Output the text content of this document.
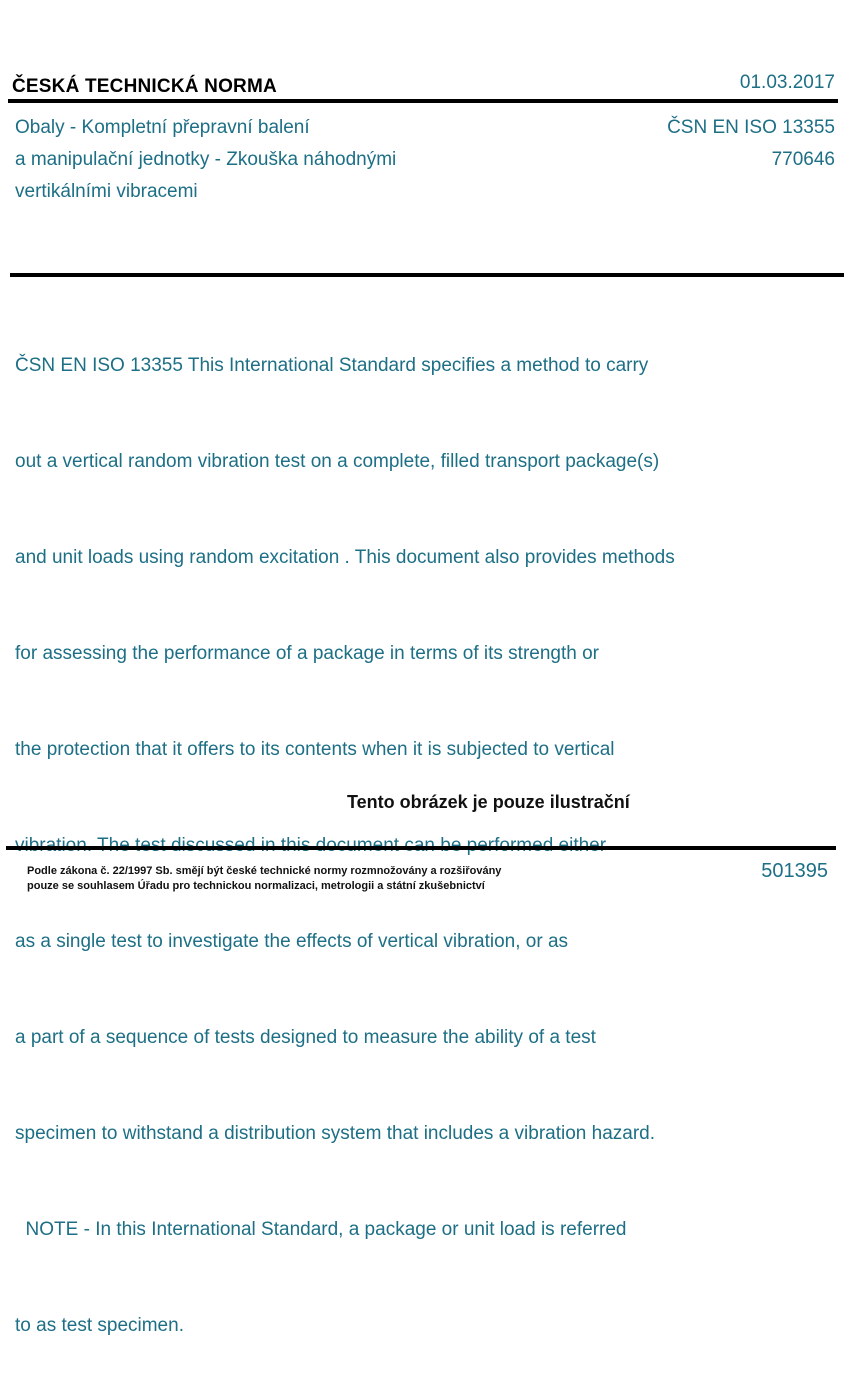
ČESKÁ TECHNICKÁ NORMA	01.03.2017
Obaly - Kompletní přepravní balení
a manipulační jednotky - Zkouška náhodnými
vertikálními vibracemi
ČSN EN ISO 13355
770646

ČSN EN ISO 13355 This International Standard specifies a method to carry

out a vertical random vibration test on a complete, filled transport package(s)

and unit loads using random excitation . This document also provides methods

for assessing the performance of a package in terms of its strength or

the protection that it offers to its contents when it is subjected to vertical

as a single test to investigate the effects of vertical vibration, or as

a part of a sequence of tests designed to measure the ability of a test

specimen to withstand a distribution system that includes a vibration hazard.

NOTE - In this International Standard, a package or unit load is referred

to as test specimen.

Tento obrázek je pouze ilustrační
Podle zákona č. 22/1997 Sb. smějí být české technické normy rozmnožovány a rozšiřovány
pouze se souhlasem Úřadu pro technickou normalizaci, metrologii a státní zkušebnictví
501395
